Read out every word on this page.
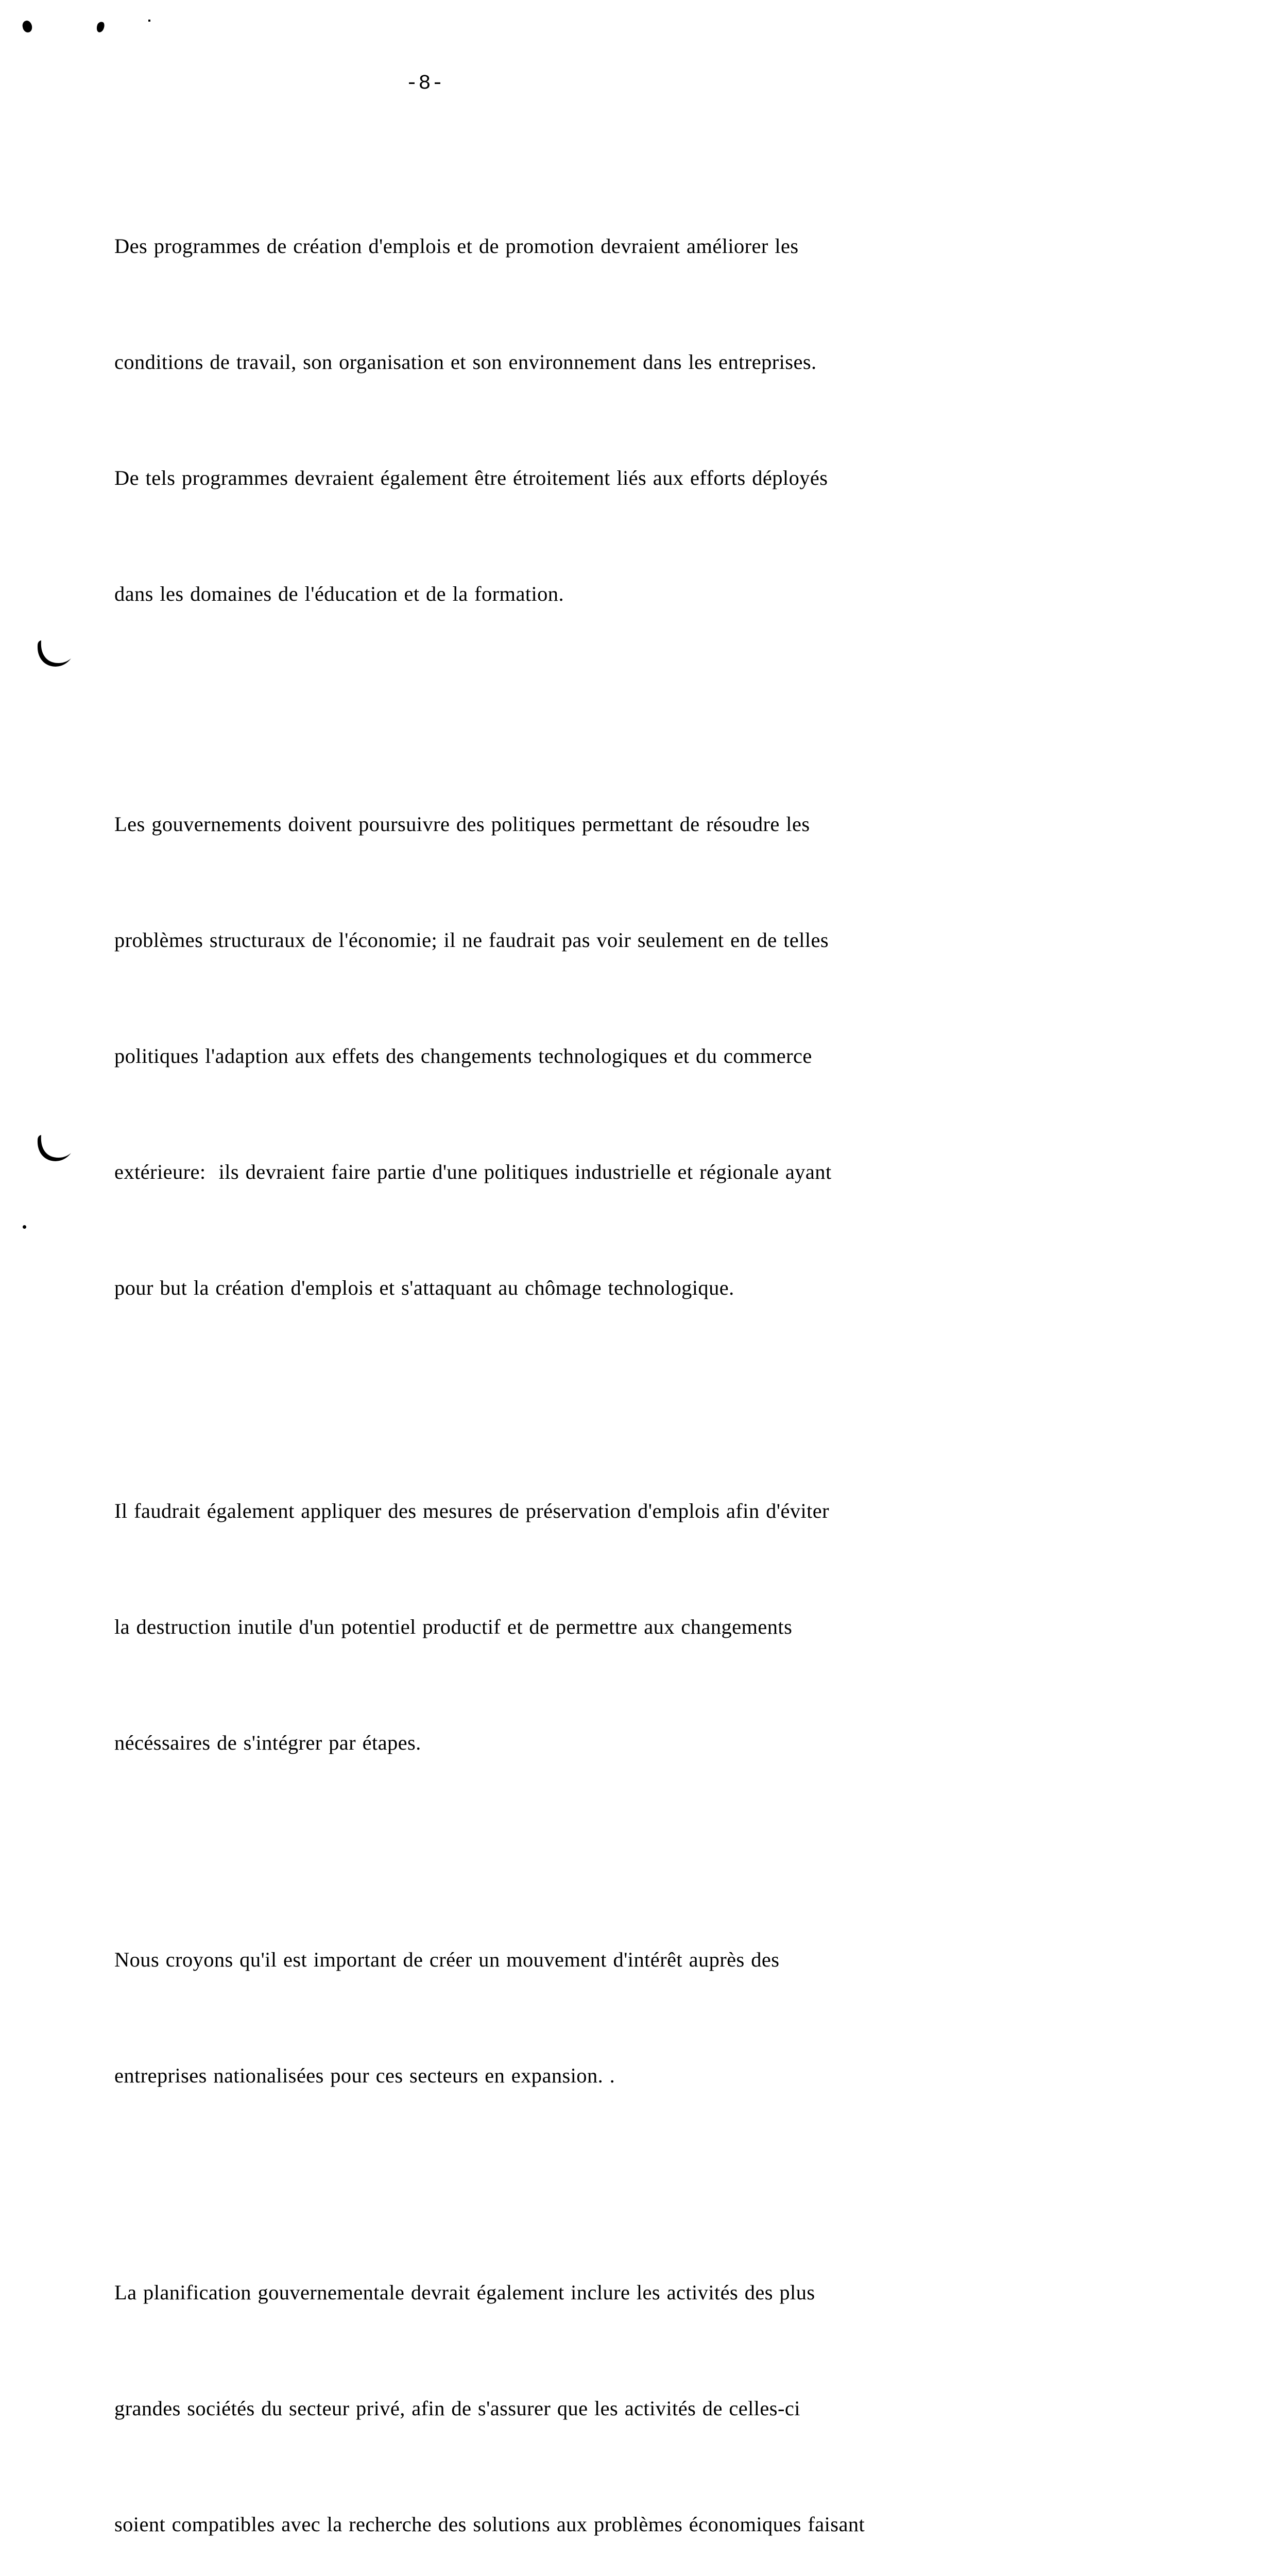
-8-

Des programmes de création d'emplois et de promotion devraient améliorer les

conditions de travail, son organisation et son environnement dans les entreprises.

De tels programmes devraient également être étroitement liés aux efforts déployés

dans les domaines de l'éducation et de la formation.

Les gouvernements doivent poursuivre des politiques permettant de résoudre les

problèmes structuraux de l'économie; il ne faudrait pas voir seulement en de telles

politiques l'adaption aux effets des changements technologiques et du commerce

extérieure:  ils devraient faire partie d'une politiques industrielle et régionale ayant

pour but la création d'emplois et s'attaquant au chômage technologique.

Il faudrait également appliquer des mesures de préservation d'emplois afin d'éviter

la destruction inutile d'un potentiel productif et de permettre aux changements

nécéssaires de s'intégrer par étapes.

Nous croyons qu'il est important de créer un mouvement d'intérêt auprès des

entreprises nationalisées pour ces secteurs en expansion. .

La planification gouvernementale devrait également inclure les activités des plus

grandes sociétés du secteur privé, afin de s'assurer que les activités de celles-ci

soient compatibles avec la recherche des solutions aux problèmes économiques faisant
